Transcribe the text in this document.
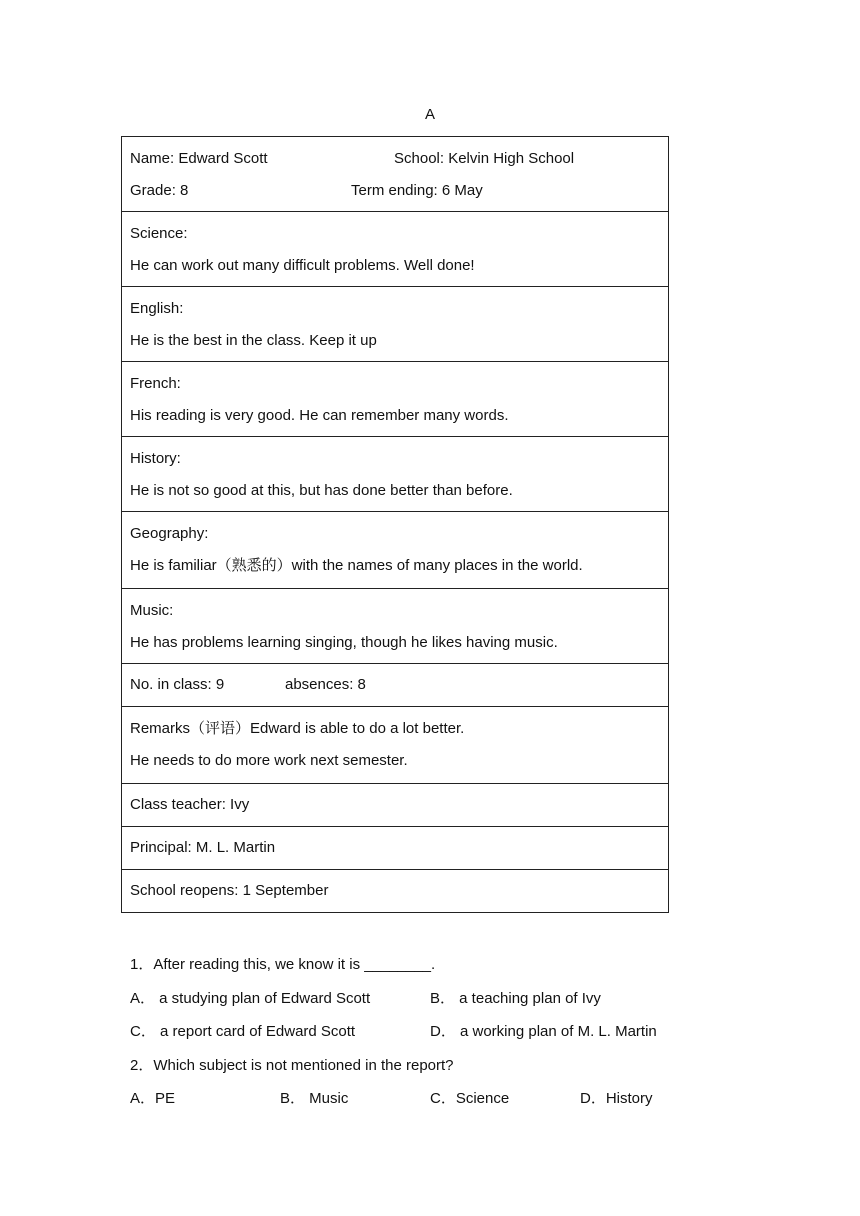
A
Name: Edward Scott	School: Kelvin High School
Grade: 8	Term ending: 6 May

Science:
He can work out many difficult problems. Well done!

English:
He is the best in the class. Keep it up

French:
His reading is very good. He can remember many words.

History:
He is not so good at this, but has done better than before.

Geography:
He is familiar（熟悉的）with the names of many places in the world.

Music:
He has problems learning singing, though he likes having music.

No. in class: 9	absences: 8

Remarks（评语）Edward is able to do a lot better.
He needs to do more work next semester.

Class teacher: Ivy

Principal: M. L. Martin

School reopens: 1 September
1．After reading this, we know it is ________.
A． a studying plan of Edward Scott	B． a teaching plan of Ivy
C． a report card of Edward Scott	D． a working plan of M. L. Martin
2．Which subject is not mentioned in the report?
A．PE	B． Music	C．Science	D．History
